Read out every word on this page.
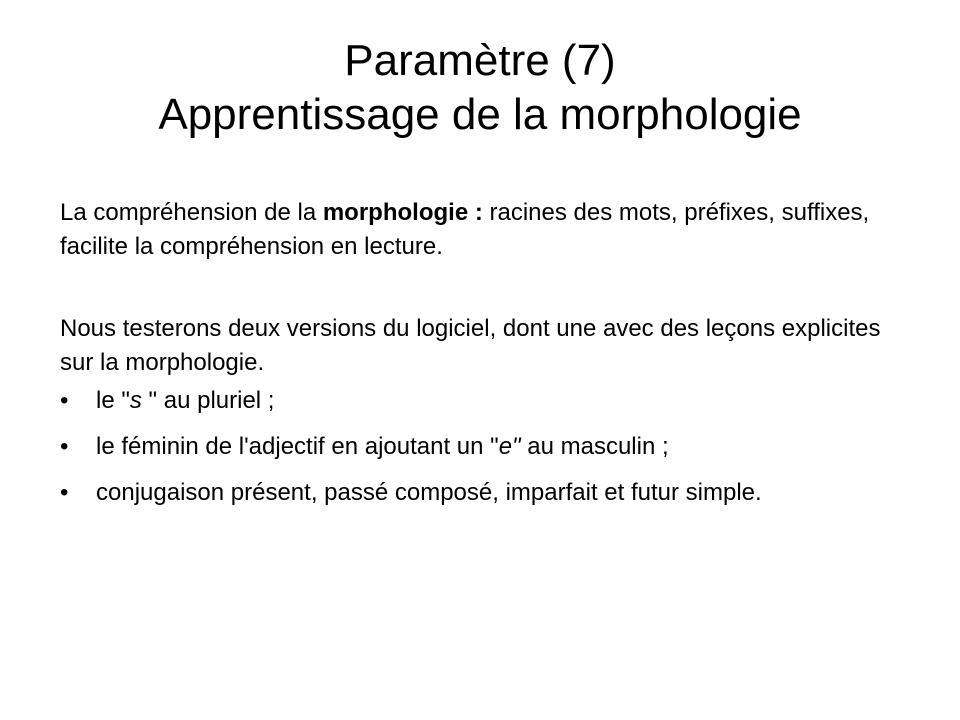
Paramètre (7)
Apprentissage de la morphologie

La compréhension de la morphologie : racines des mots, préfixes, suffixes, facilite la compréhension en lecture.

Nous testerons deux versions du logiciel, dont une avec des leçons explicites sur la morphologie.

•	le "s " au pluriel ;
•	le féminin de l'adjectif en ajoutant un "e" au masculin ;
•	conjugaison présent, passé composé, imparfait et futur simple.
